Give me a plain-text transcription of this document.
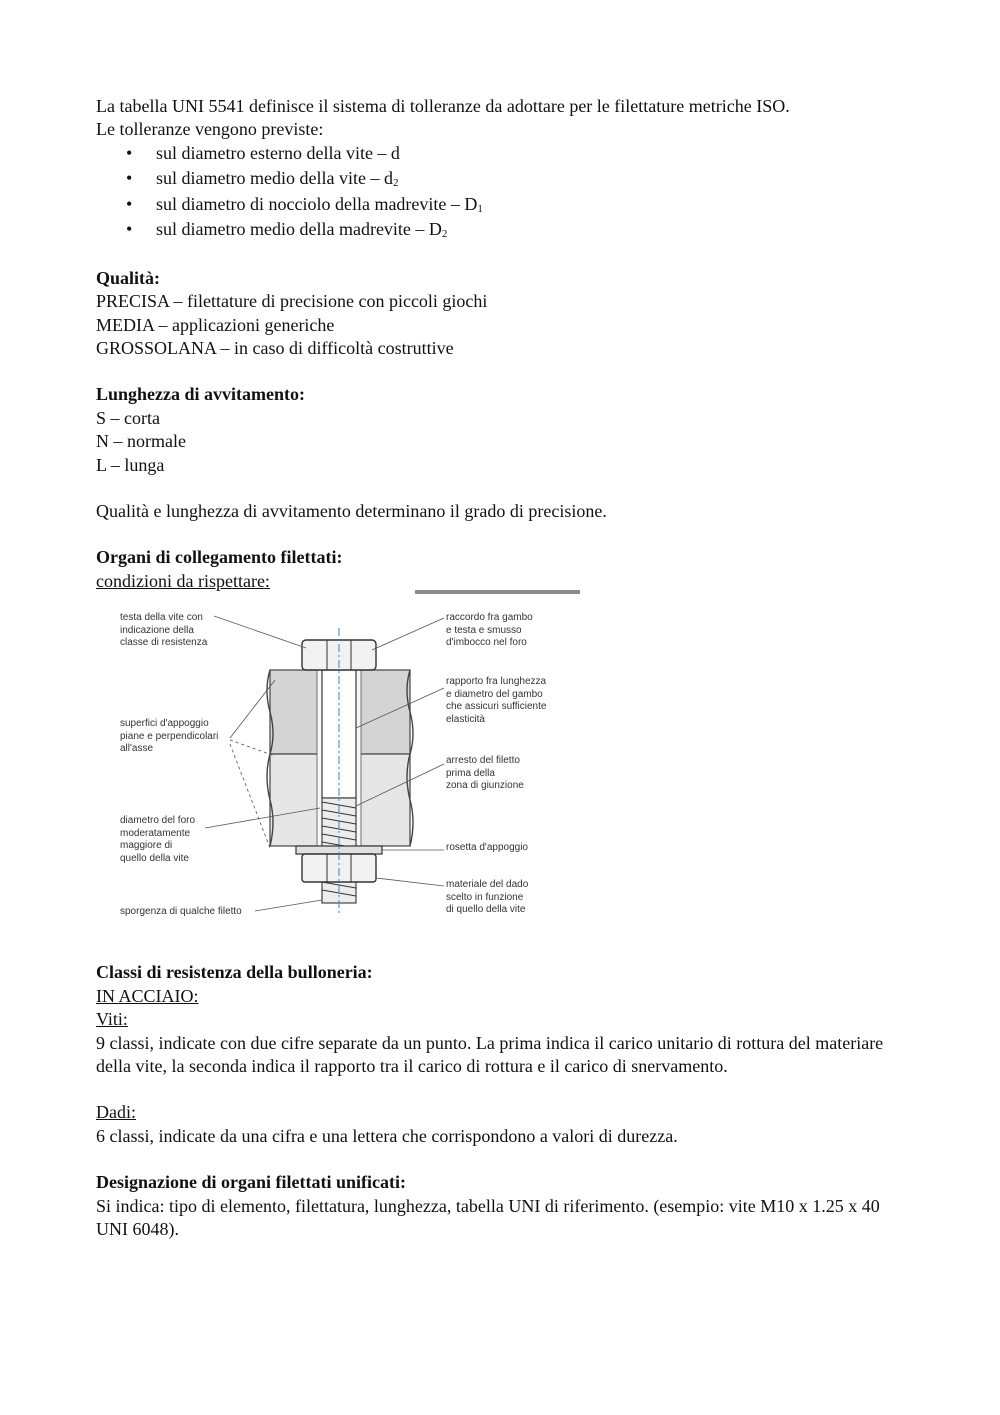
La tabella UNI 5541 definisce il sistema di tolleranze da adottare per le filettature metriche ISO.

Le tolleranze vengono previste:

• sul diametro esterno della vite – d
• sul diametro medio della vite – $d_2$
• sul diametro di nocciolo della madrevite – $D_1$
• sul diametro medio della madrevite – $D_2$

Qualità:

PRECISA – filettature di precisione con piccoli giochi

MEDIA – applicazioni generiche

GROSSOLANA – in caso di difficoltà costruttive

Lunghezza di avvitamento:

S – corta

N – normale

L – lunga

Qualità e lunghezza di avvitamento determinano il grado di precisione.

Organi di collegamento filettati:

condizioni da rispettare:

Classi di resistenza della bulloneria:

IN ACCIAIO:

Viti:

9 classi, indicate con due cifre separate da un punto. La prima indica il carico unitario di rottura del materiare della vite, la seconda indica il rapporto tra il carico di rottura e il carico di snervamento.

Dadi:

6 classi, indicate da una cifra e una lettera che corrispondono a valori di durezza.

Designazione di organi filettati unificati:

Si indica: tipo di elemento, filettatura, lunghezza, tabella UNI di riferimento. (esempio: vite M10 x 1.25 x 40 UNI 6048).

testa della vite con
indicazione della
classe di resistenza
superfici d'appoggio
piane e perpendicolari
all'asse
diametro del foro
moderatamente
maggiore di
quello della vite
sporgenza di qualche filetto
raccordo fra gambo
e testa e smusso
d'imbocco nel foro
rapporto fra lunghezza
e diametro del gambo
che assicuri sufficiente
elasticità
arresto del filetto
prima della
zona di giunzione
rosetta d'appoggio
materiale del dado
scelto in funzione
di quello della vite
